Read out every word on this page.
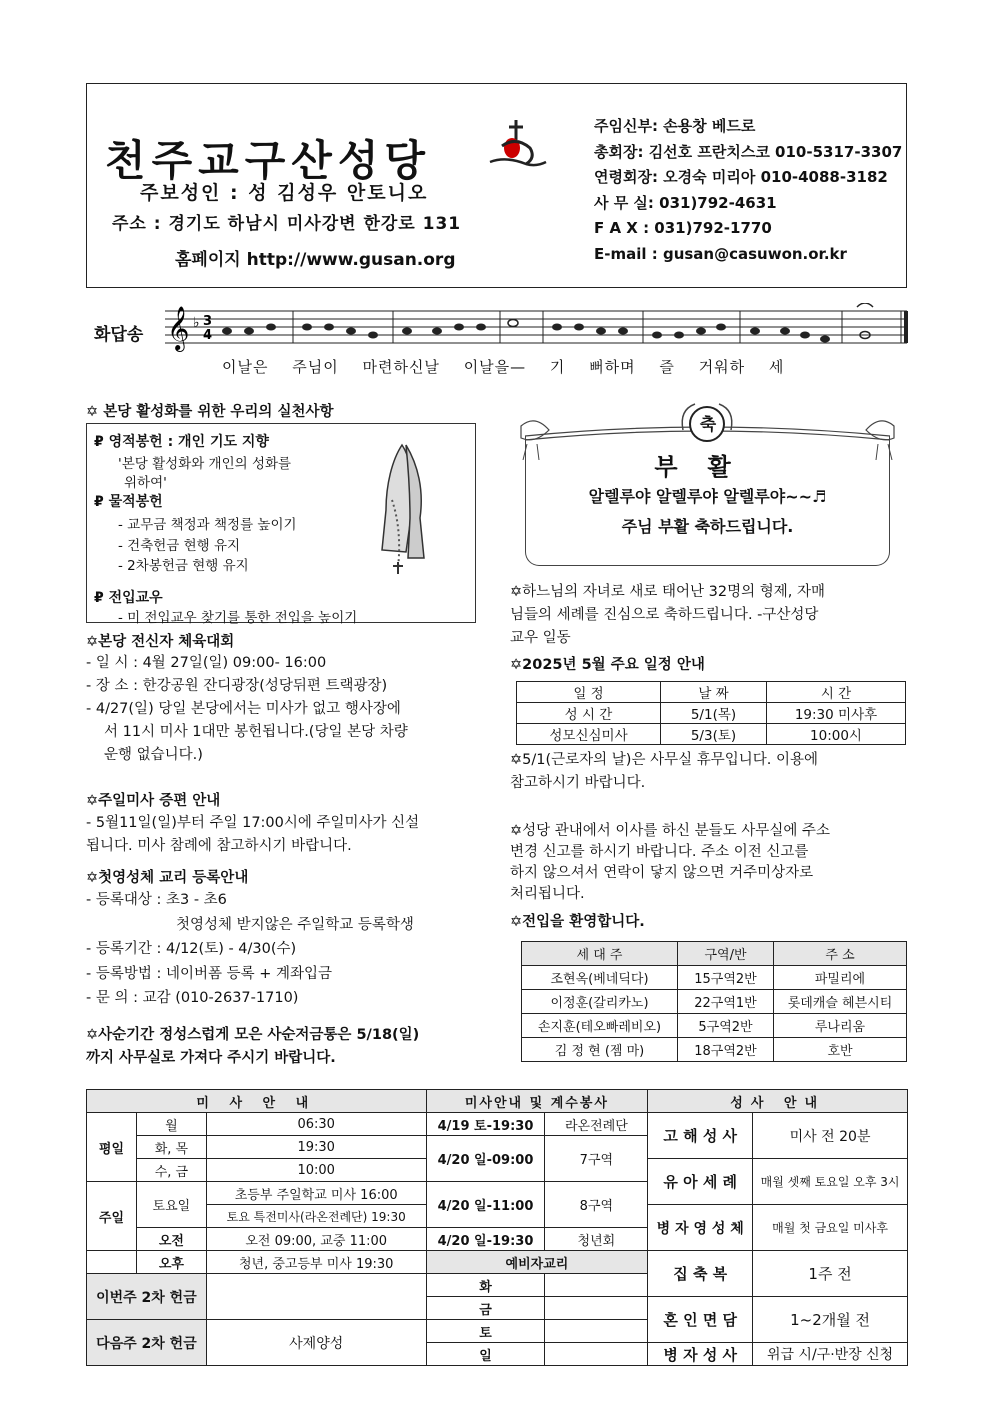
천주교구산성당
주보성인 : 성 김성우 안토니오
주소 : 경기도 하남시 미사강변 한강로 131
홈페이지 http://www.gusan.org
주임신부: 손용창 베드로
총회장: 김선호 프란치스코 010-5317-3307
연령회장: 오경숙 미리아 010-4088-3182
사 무 실: 031)792-4631
F A X : 031)792-1770
E-mail : gusan@casuwon.or.kr
화답송 𝄞 ♭ 3
4
이날은 주님이 마련하신날 이날을— 기 뻐하며 즐 거워하 세
✡ 본당 활성화를 위한 우리의 실천사항
₽ 영적봉헌 : 개인 기도 지향
'본당 활성화와 개인의 성화를
위하여'
₽ 물적봉헌
- 교무금 책정과 책정를 높이기
- 건축헌금 현행 유지
- 2차봉헌금 현행 유지
₽ 전입교우
- 미 전입교우 찾기를 통한 전입을 높이기
✡본당 전신자 체육대회
- 일 시 : 4월 27일(일) 09:00- 16:00
- 장 소 : 한강공원 잔디광장(성당뒤편 트랙광장)
- 4/27(일) 당일 본당에서는 미사가 없고 행사장에
서 11시 미사 1대만 봉헌됩니다.(당일 본당 차량
운행 없습니다.)
✡주일미사 증편 안내
- 5월11일(일)부터 주일 17:00시에 주일미사가 신설
됩니다. 미사 참례에 참고하시기 바랍니다.
✡첫영성체 교리 등록안내
- 등록대상 : 초3 - 초6
첫영성체 받지않은 주일학교 등록학생
- 등록기간 : 4/12(토) - 4/30(수)
- 등록방법 : 네이버폼 등록 + 계좌입금
- 문 의 : 교감 (010-2637-1710)
✡사순기간 정성스럽게 모은 사순저금통은 5/18(일)
까지 사무실로 가져다 주시기 바랍니다.
축
부활
알렐루야 알렐루야 알렐루야~~♬
주님 부활 축하드립니다.
✡하느님의 자녀로 새로 태어난 32명의 형제, 자매
님들의 세례를 진심으로 축하드립니다. -구산성당
교우 일동
✡2025년 5월 주요 일정 안내
일 정	날 짜	시 간
성 시 간	5/1(목)	19:30 미사후
성모신심미사	5/3(토)	10:00시
✡5/1(근로자의 날)은 사무실 휴무입니다. 이용에
참고하시기 바랍니다.
✡성당 관내에서 이사를 하신 분들도 사무실에 주소
변경 신고를 하시기 바랍니다. 주소 이전 신고를
하지 않으셔서 연락이 닿지 않으면 거주미상자로
처리됩니다.
✡전입을 환영합니다.
세 대 주	구역/반	주 소
조현옥(베네딕다)	15구역2반	파밀리에
이정훈(갈리카노)	22구역1반	롯데캐슬 헤븐시티
손지훈(테오빠레비오)	5구역2반	루나리움
김 정 현 (젬 마)	18구역2반	호반
미 사 안 내			미사안내 및 계수봉사		성사 안내	
평일	월	06:30	4/19 토-19:30	라온전례단	고 해 성 사	미사 전 20분
	화, 목	19:30	4/20 일-09:00	7구역		
	수, 금	10:00			유 아 세 례	매월 셋째 토요일 오후 3시
주일	토요일	초등부 주일학교 미사 16:00	4/20 일-11:00	8구역		
		토요 특전미사(라온전례단) 19:30			병 자 영 성 체	매월 첫 금요일 미사후
	오전	오전 09:00, 교중 11:00	4/20 일-19:30	청년회		
	오후	청년, 중고등부 미사 19:30	예비자교리		집 축 복	1주 전
이번주 2차 헌금			화			
			금		혼 인 면 담	1~2개월 전
다음주 2차 헌금		사제양성	토			
			일		병 자 성 사	위급 시/구·반장 신청
